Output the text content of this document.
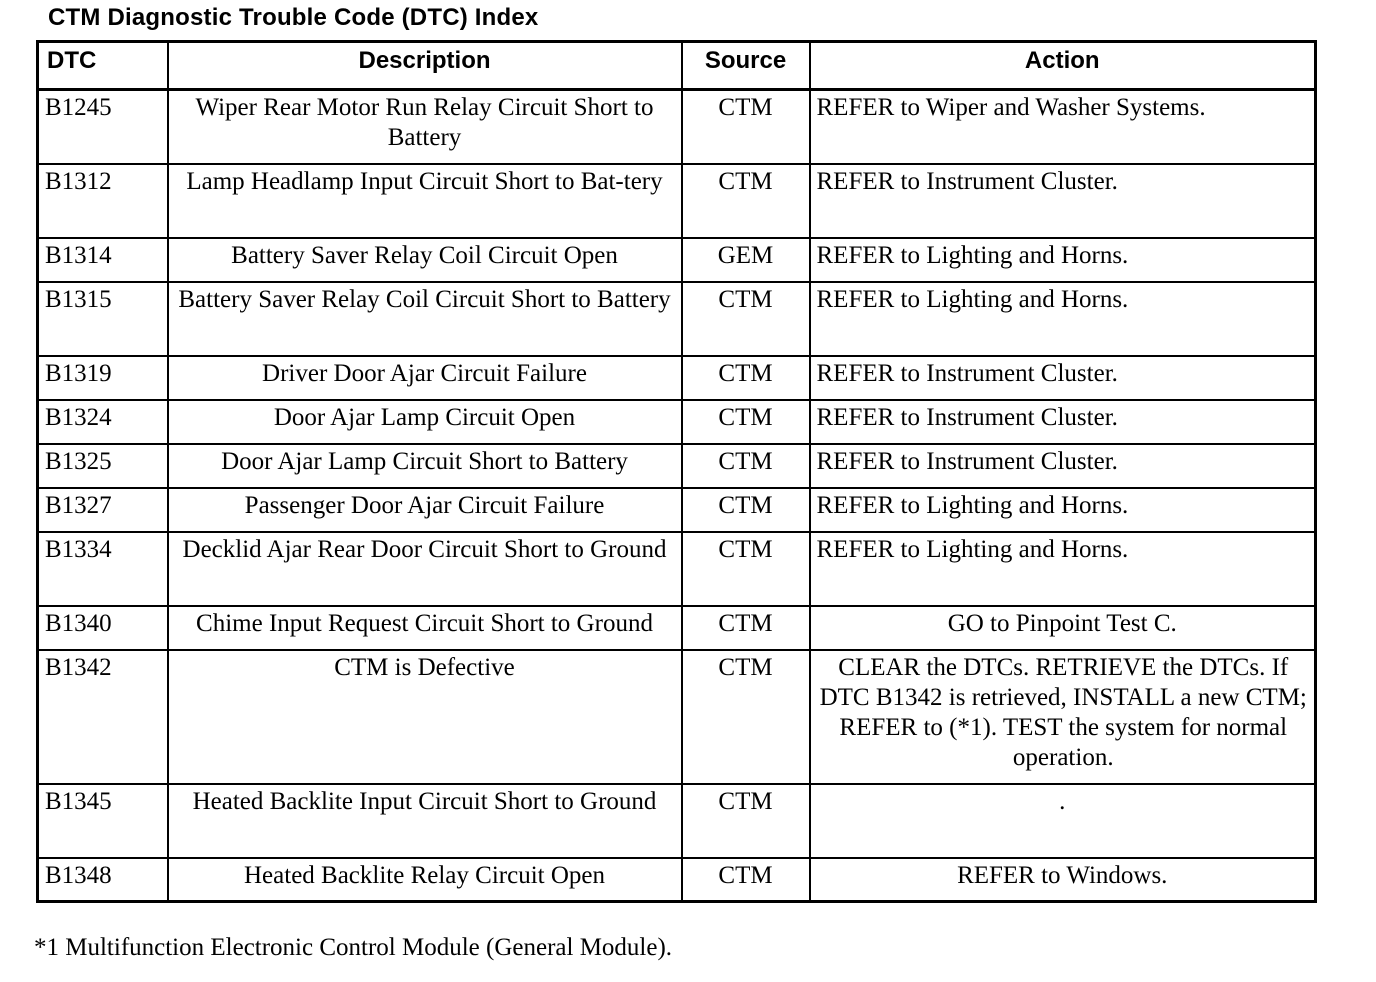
CTM Diagnostic Trouble Code (DTC) Index
DTC	Description	Source	Action
B1245	Wiper Rear Motor Run Relay Circuit Short to Battery	CTM	REFER to Wiper and Washer Systems.
B1312	Lamp Headlamp Input Circuit Short to Bat-tery	CTM	REFER to Instrument Cluster.
B1314	Battery Saver Relay Coil Circuit Open	GEM	REFER to Lighting and Horns.
B1315	Battery Saver Relay Coil Circuit Short to Battery	CTM	REFER to Lighting and Horns.
B1319	Driver Door Ajar Circuit Failure	CTM	REFER to Instrument Cluster.
B1324	Door Ajar Lamp Circuit Open	CTM	REFER to Instrument Cluster.
B1325	Door Ajar Lamp Circuit Short to Battery	CTM	REFER to Instrument Cluster.
B1327	Passenger Door Ajar Circuit Failure	CTM	REFER to Lighting and Horns.
B1334	Decklid Ajar Rear Door Circuit Short to Ground	CTM	REFER to Lighting and Horns.
B1340	Chime Input Request Circuit Short to Ground	CTM	GO to Pinpoint Test C.
B1342	CTM is Defective	CTM	CLEAR the DTCs. RETRIEVE the DTCs. If DTC B1342 is retrieved, INSTALL a new CTM; REFER to (*1). TEST the system for normal operation.
B1345	Heated Backlite Input Circuit Short to Ground	CTM	.
B1348	Heated Backlite Relay Circuit Open	CTM	REFER to Windows.

*1 Multifunction Electronic Control Module (General Module).
